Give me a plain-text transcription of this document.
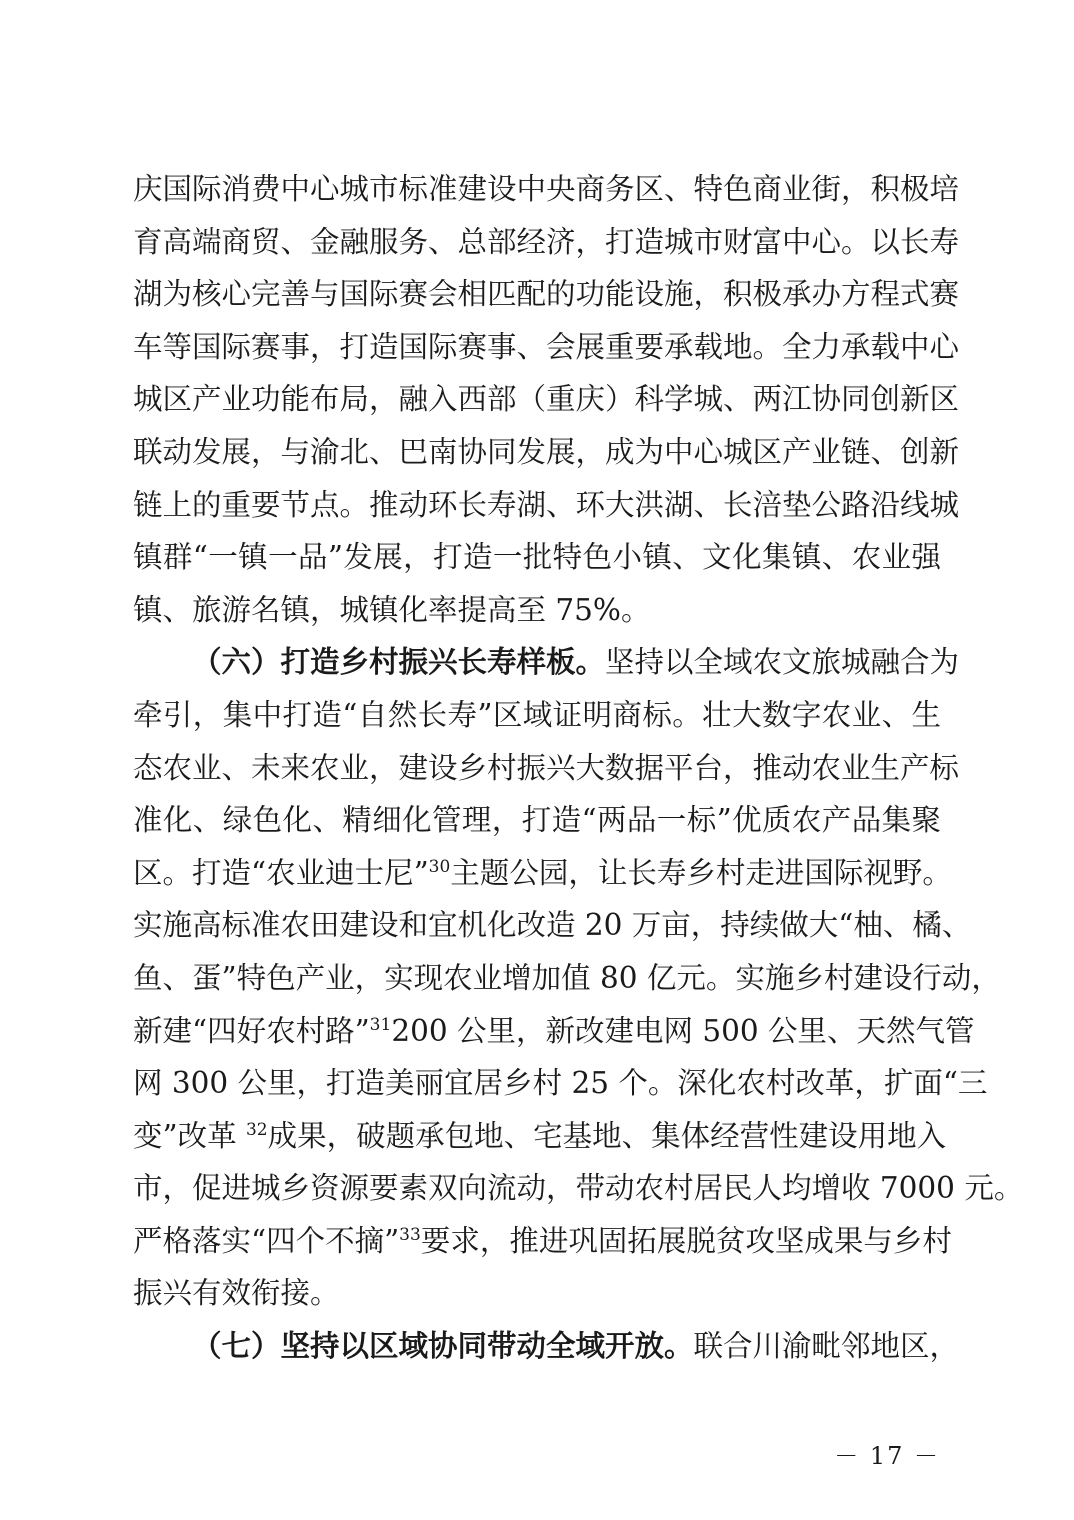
庆国际消费中心城市标准建设中央商务区、特色商业街，积极培
育高端商贸、金融服务、总部经济，打造城市财富中心。以长寿
湖为核心完善与国际赛会相匹配的功能设施，积极承办方程式赛
车等国际赛事，打造国际赛事、会展重要承载地。全力承载中心
城区产业功能布局，融入西部（重庆）科学城、两江协同创新区
联动发展，与渝北、巴南协同发展，成为中心城区产业链、创新
链上的重要节点。推动环长寿湖、环大洪湖、长涪垫公路沿线城
镇群“一镇一品”发展，打造一批特色小镇、文化集镇、农业强
镇、旅游名镇，城镇化率提高至 75%。
（六）打造乡村振兴长寿样板。坚持以全域农文旅城融合为
牵引，集中打造“自然长寿”区域证明商标。壮大数字农业、生
态农业、未来农业，建设乡村振兴大数据平台，推动农业生产标
准化、绿色化、精细化管理，打造“两品一标”优质农产品集聚
区。打造“农业迪士尼”$^{30}$主题公园，让长寿乡村走进国际视野。
实施高标准农田建设和宜机化改造 20 万亩，持续做大“柚、橘、
鱼、蛋”特色产业，实现农业增加值 80 亿元。实施乡村建设行动，
新建“四好农村路”$^{31}$200 公里，新改建电网 500 公里、天然气管
网 300 公里，打造美丽宜居乡村 25 个。深化农村改革，扩面“三
变”改革 $^{32}$成果，破题承包地、宅基地、集体经营性建设用地入
市，促进城乡资源要素双向流动，带动农村居民人均增收 7000 元。
严格落实“四个不摘”$^{33}$要求，推进巩固拓展脱贫攻坚成果与乡村
振兴有效衔接。
（七）坚持以区域协同带动全域开放。联合川渝毗邻地区，
－ 17 －
